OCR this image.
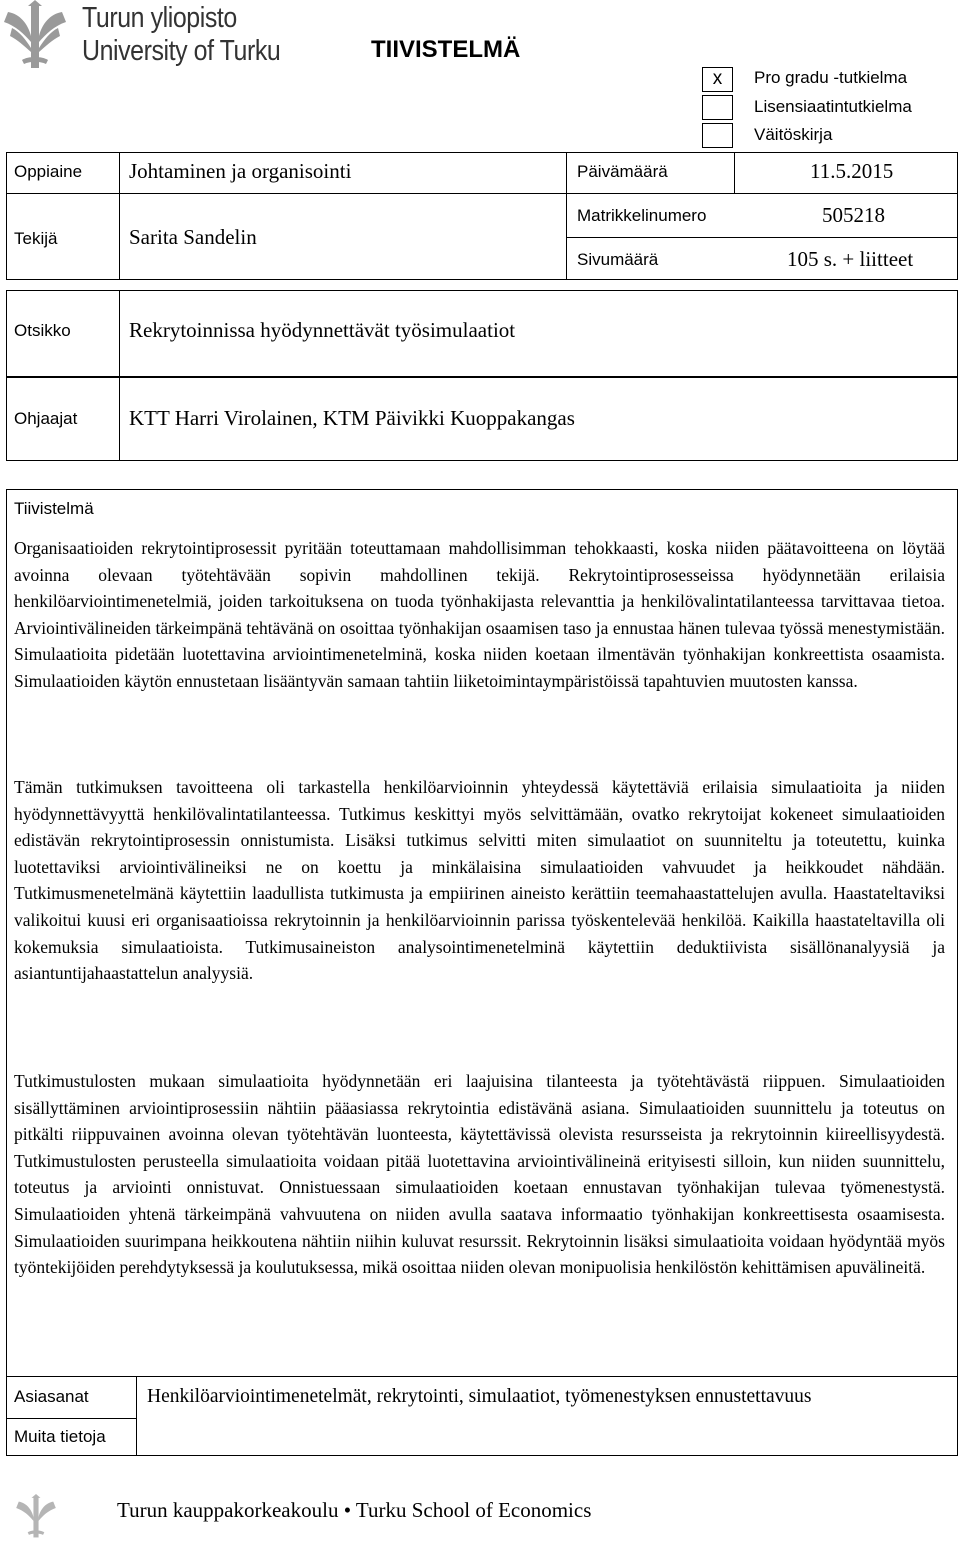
Turun yliopisto
University of Turku	TIIVISTELMÄ
x	Pro gradu -tutkielma
Lisensiaatintutkielma
Väitöskirja
Oppiaine Johtaminen ja organisointi	Päivämäärä	11.5.2015
Tekijä	Sarita Sandelin
Matrikkelinumero	505218
Sivumäärä	105 s. + liitteet
Otsikko	Rekrytoinnissa hyödynnettävät työsimulaatiot
Ohjaajat KTT Harri Virolainen, KTM Päivikki Kuoppakangas
Tiivistelmä
Organisaatioiden rekrytointiprosessit pyritään toteuttamaan mahdollisimman tehokkaasti, koska niiden päätavoitteena on löytää avoinna olevaan työtehtävään sopivin mahdollinen tekijä. Rekrytointiprosesseissa hyödynnetään erilaisia henkilöarviointimenetelmiä, joiden tarkoituksena on tuoda työnhakijasta relevanttia ja henkilövalintatilanteessa tarvittavaa tietoa. Arviointivälineiden tärkeimpänä tehtävänä on osoittaa työnhakijan osaamisen taso ja ennustaa hänen tulevaa työssä menestymistään. Simulaatioita pidetään luotettavina arviointimenetelminä, koska niiden koetaan ilmentävän työnhakijan konkreettista osaamista. Simulaatioiden käytön ennustetaan lisääntyvän samaan tahtiin liiketoimintaympäristöissä tapahtuvien muutosten kanssa.
Tämän tutkimuksen tavoitteena oli tarkastella henkilöarvioinnin yhteydessä käytettäviä erilaisia simulaatioita ja niiden hyödynnettävyyttä henkilövalintatilanteessa. Tutkimus keskittyi myös selvittämään, ovatko rekrytoijat kokeneet simulaatioiden edistävän rekrytointiprosessin onnistumista. Lisäksi tutkimus selvitti miten simulaatiot on suunniteltu ja toteutettu, kuinka luotettaviksi arviointivälineiksi ne on koettu ja minkälaisina simulaatioiden vahvuudet ja heikkoudet nähdään. Tutkimusmenetelmänä käytettiin laadullista tutkimusta ja empiirinen aineisto kerättiin teemahaastattelujen avulla. Haastateltaviksi valikoitui kuusi eri organisaatioissa rekrytoinnin ja henkilöarvioinnin parissa työskentelevää henkilöä. Kaikilla haastateltavilla oli kokemuksia simulaatioista. Tutkimusaineiston analysointimenetelminä käytettiin deduktiivista sisällönanalyysiä ja asiantuntijahaastattelun analyysiä.
Tutkimustulosten mukaan simulaatioita hyödynnetään eri laajuisina tilanteesta ja työtehtävästä riippuen. Simulaatioiden sisällyttäminen arviointiprosessiin nähtiin pääasiassa rekrytointia edistävänä asiana. Simulaatioiden suunnittelu ja toteutus on pitkälti riippuvainen avoinna olevan työtehtävän luonteesta, käytettävissä olevista resursseista ja rekrytoinnin kiireellisyydestä. Tutkimustulosten perusteella simulaatioita voidaan pitää luotettavina arviointivälineinä erityisesti silloin, kun niiden suunnittelu, toteutus ja arviointi onnistuvat. Onnistuessaan simulaatioiden koetaan ennustavan työnhakijan tulevaa työmenestystä. Simulaatioiden yhtenä tärkeimpänä vahvuutena on niiden avulla saatava informaatio työnhakijan konkreettisesta osaamisesta. Simulaatioiden suurimpana heikkoutena nähtiin niihin kuluvat resurssit. Rekrytoinnin lisäksi simulaatioita voidaan hyödyntää myös työntekijöiden perehdytyksessä ja koulutuksessa, mikä osoittaa niiden olevan monipuolisia henkilöstön kehittämisen apuvälineitä.
Asiasanat	Henkilöarviointimenetelmät, rekrytointi, simulaatiot, työmenestyksen ennustettavuus
Muita tietoja
Turun kauppakorkeakoulu • Turku School of Economics
